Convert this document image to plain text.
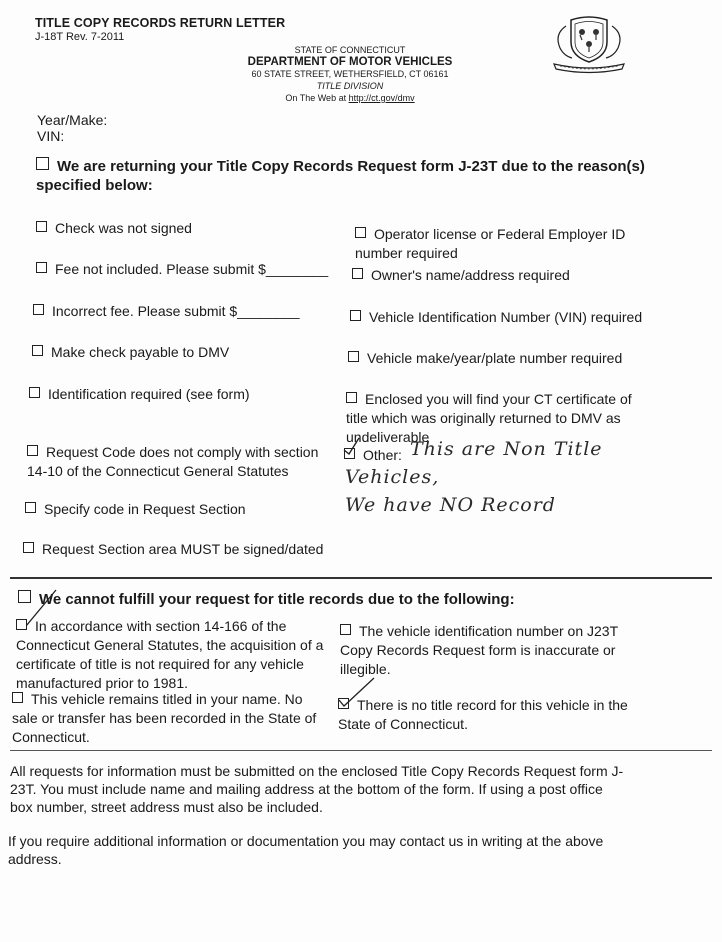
TITLE COPY RECORDS RETURN LETTER
J-18T Rev. 7-2011
STATE OF CONNECTICUT
DEPARTMENT OF MOTOR VEHICLES
60 STATE STREET, WETHERSFIELD, CT 06161
TITLE DIVISION
On The Web at http://ct.gov/dmv
Year/Make:
VIN:
We are returning your Title Copy Records Request form J-23T due to the reason(s)
specified below:
Check was not signed
Fee not included. Please submit $________
Incorrect fee. Please submit $________
Make check payable to DMV
Identification required (see form)
Request Code does not comply with section
14-10 of the Connecticut General Statutes
Specify code in Request Section
Request Section area MUST be signed/dated
Operator license or Federal Employer ID
number required
Owner's name/address required
Vehicle Identification Number (VIN) required
Vehicle make/year/plate number required
Enclosed you will find your CT certificate of
title which was originally returned to DMV as
undeliverable
Other: This are Non Title
Vehicles,
We have NO Record
We cannot fulfill your request for title records due to the following:
In accordance with section 14-166 of the
Connecticut General Statutes, the acquisition of a
certificate of title is not required for any vehicle
manufactured prior to 1981.
This vehicle remains titled in your name. No
sale or transfer has been recorded in the State of
Connecticut.
The vehicle identification number on J23T
Copy Records Request form is inaccurate or
illegible.
There is no title record for this vehicle in the
State of Connecticut.
All requests for information must be submitted on the enclosed Title Copy Records Request form J-
23T. You must include name and mailing address at the bottom of the form. If using a post office
box number, street address must also be included.
If you require additional information or documentation you may contact us in writing at the above
address.
